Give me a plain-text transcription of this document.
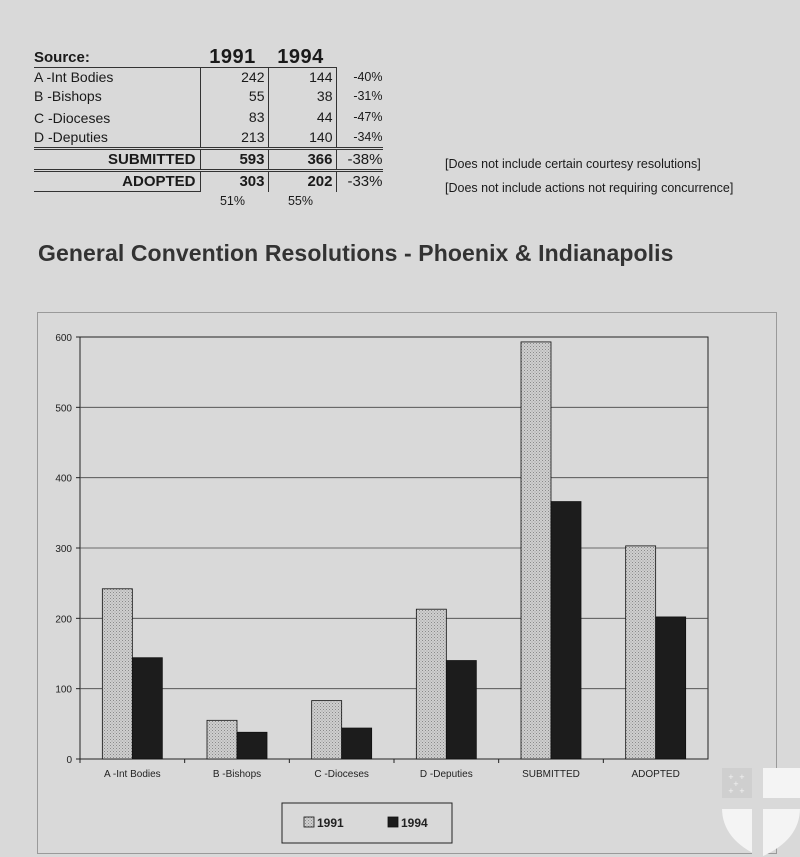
Source:	1991	1994	
A -Int Bodies	242	144	-40%
B -Bishops	55	38	-31%
C -Dioceses	83	44	-47%
D -Deputies	213	140	-34%
SUBMITTED	593	366	-38%
ADOPTED	303	202	-33%
	51%	55%	
[Does not include certain courtesy resolutions]
[Does not include actions not requiring concurrence]
General Convention Resolutions - Phoenix & Indianapolis
0
100
200
300
400
500
600
A -Int Bodies	B -Bishops	C -Dioceses	D -Deputies	SUBMITTED	ADOPTED
1991	1994
+ +
+
+ +
